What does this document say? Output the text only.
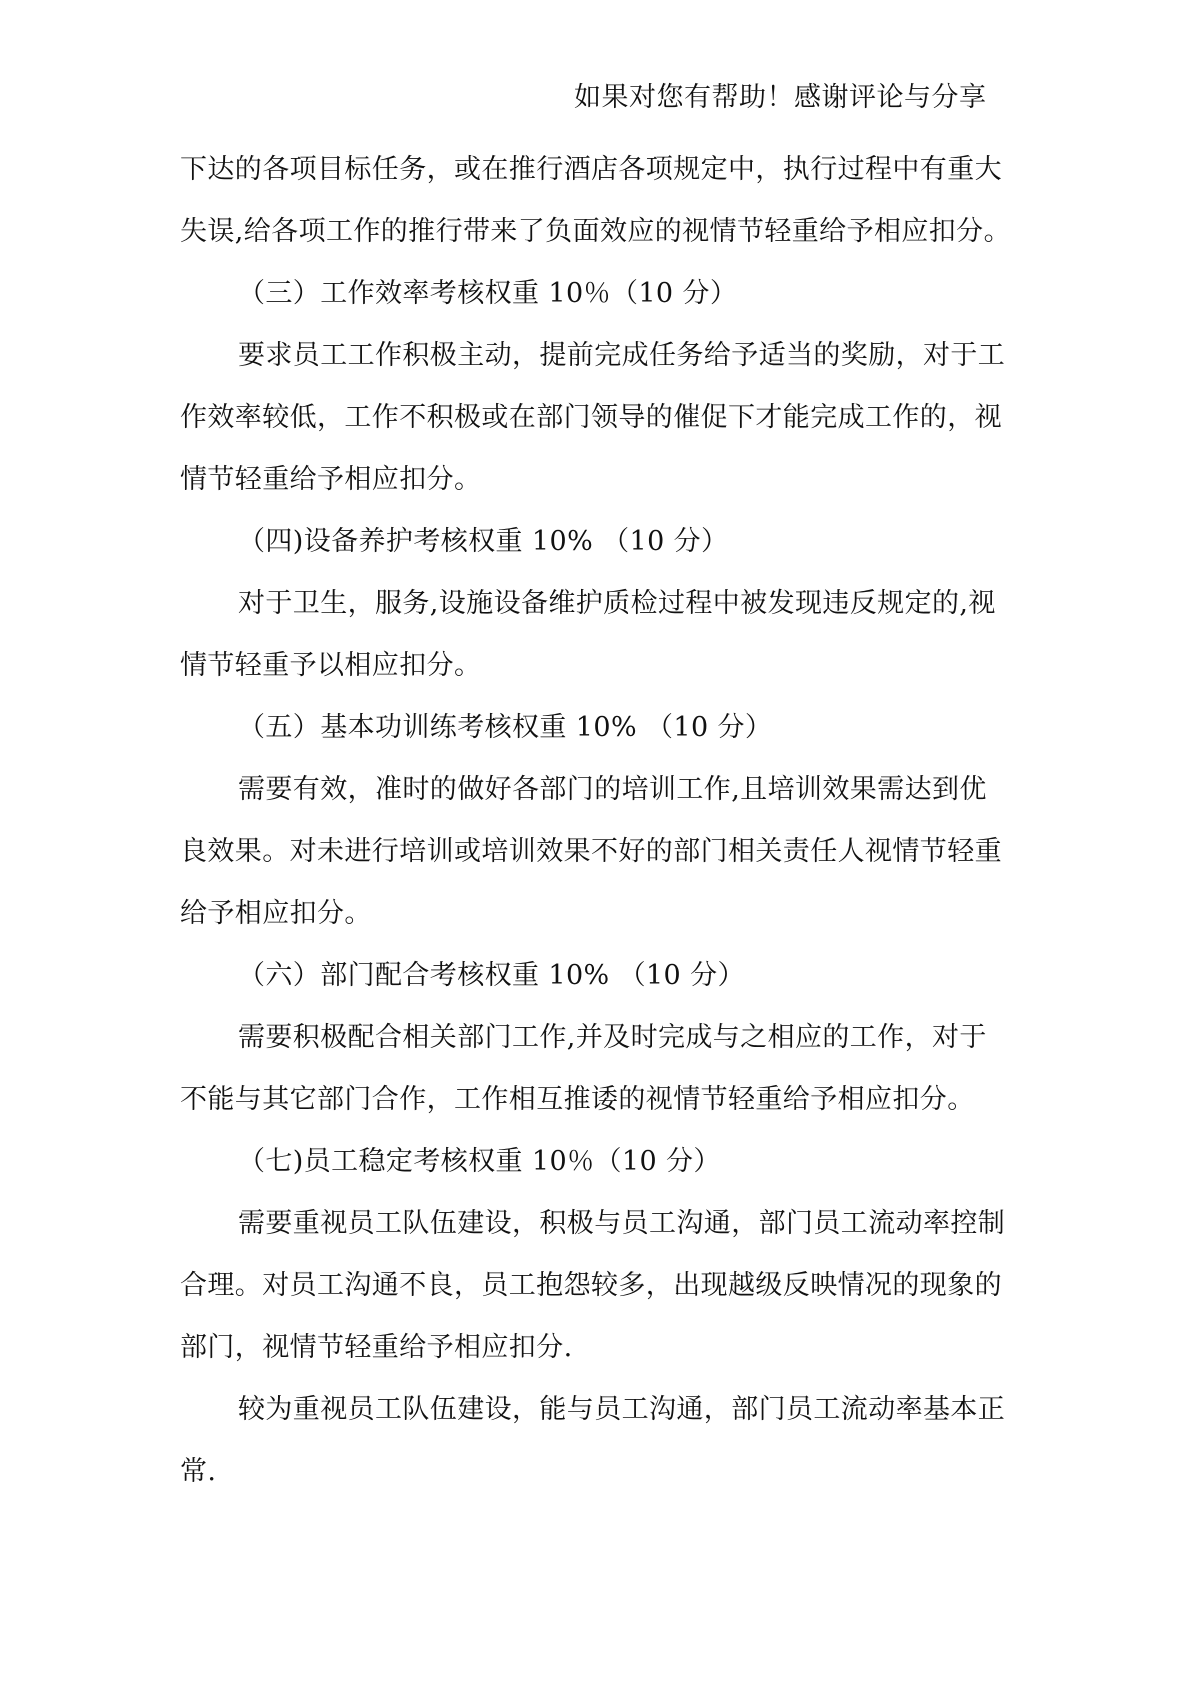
如果对您有帮助！感谢评论与分享
下达的各项目标任务，或在推行酒店各项规定中，执行过程中有重大
失误,给各项工作的推行带来了负面效应的视情节轻重给予相应扣分。
（三）工作效率考核权重 10％（10 分）
要求员工工作积极主动，提前完成任务给予适当的奖励，对于工
作效率较低，工作不积极或在部门领导的催促下才能完成工作的，视
情节轻重给予相应扣分。
（四)设备养护考核权重 10% （10 分）
对于卫生，服务,设施设备维护质检过程中被发现违反规定的,视
情节轻重予以相应扣分。
（五）基本功训练考核权重 10% （10 分）
需要有效，准时的做好各部门的培训工作,且培训效果需达到优
良效果。对未进行培训或培训效果不好的部门相关责任人视情节轻重
给予相应扣分。
（六）部门配合考核权重 10% （10 分）
需要积极配合相关部门工作,并及时完成与之相应的工作，对于
不能与其它部门合作，工作相互推诿的视情节轻重给予相应扣分。
（七)员工稳定考核权重 10％（10 分）
需要重视员工队伍建设，积极与员工沟通，部门员工流动率控制
合理。对员工沟通不良，员工抱怨较多，出现越级反映情况的现象的
部门，视情节轻重给予相应扣分.
较为重视员工队伍建设，能与员工沟通，部门员工流动率基本正
常.
